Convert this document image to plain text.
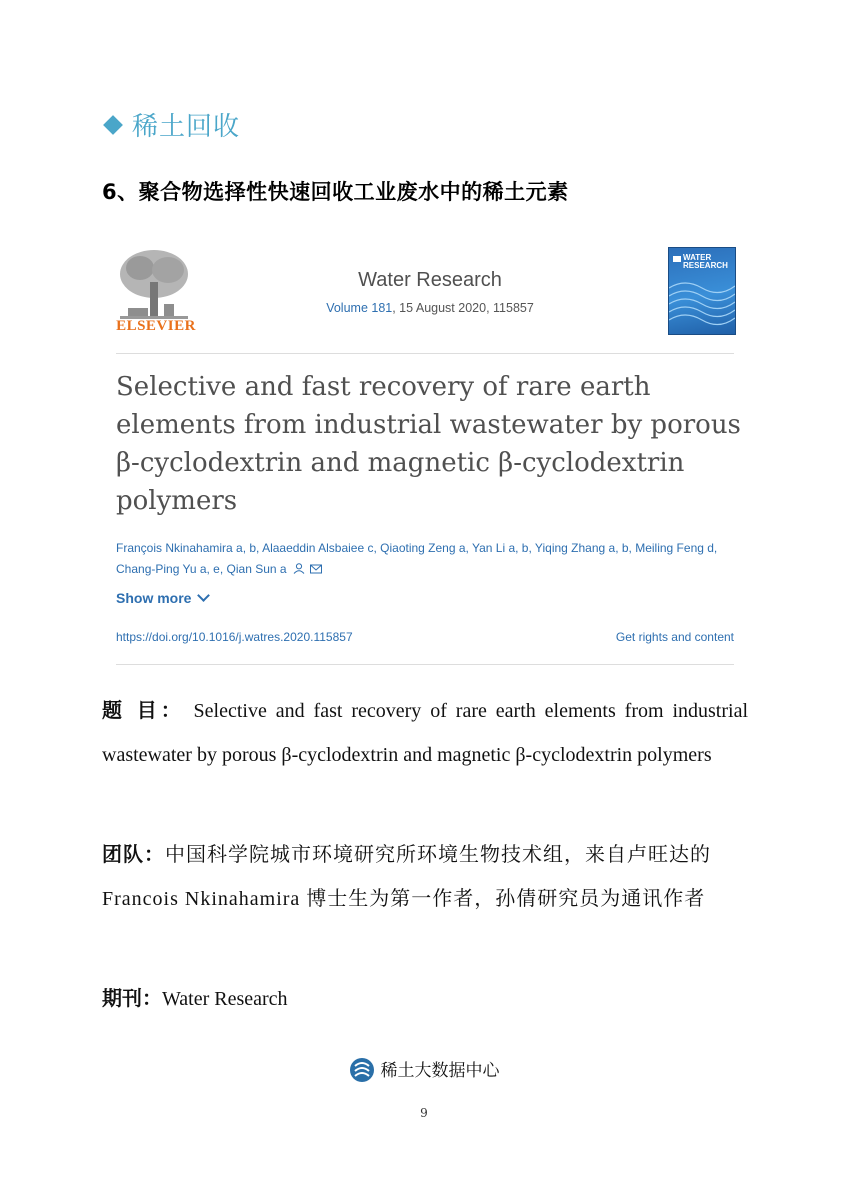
稀土回收
6、聚合物选择性快速回收工业废水中的稀土元素
ELSEVIER
Water Research
Volume 181, 15 August 2020, 115857
WATER
RESEARCH
Selective and fast recovery of rare earth elements from industrial wastewater by porous β-cyclodextrin and magnetic β-cyclodextrin polymers
François Nkinahamira a, b, Alaaeddin Alsbaiee c, Qiaoting Zeng a, Yan Li a, b, Yiqing Zhang a, b, Meiling Feng d,
Chang-Ping Yu a, e, Qian Sun a
Show more
https://doi.org/10.1016/j.watres.2020.115857	Get rights and content
题 目： Selective and fast recovery of rare earth elements from industrial wastewater by porous β-cyclodextrin and magnetic β-cyclodextrin polymers
团队：中国科学院城市环境研究所环境生物技术组，来自卢旺达的 Francois Nkinahamira 博士生为第一作者，孙倩研究员为通讯作者
期刊：Water Research
稀土大数据中心
9
